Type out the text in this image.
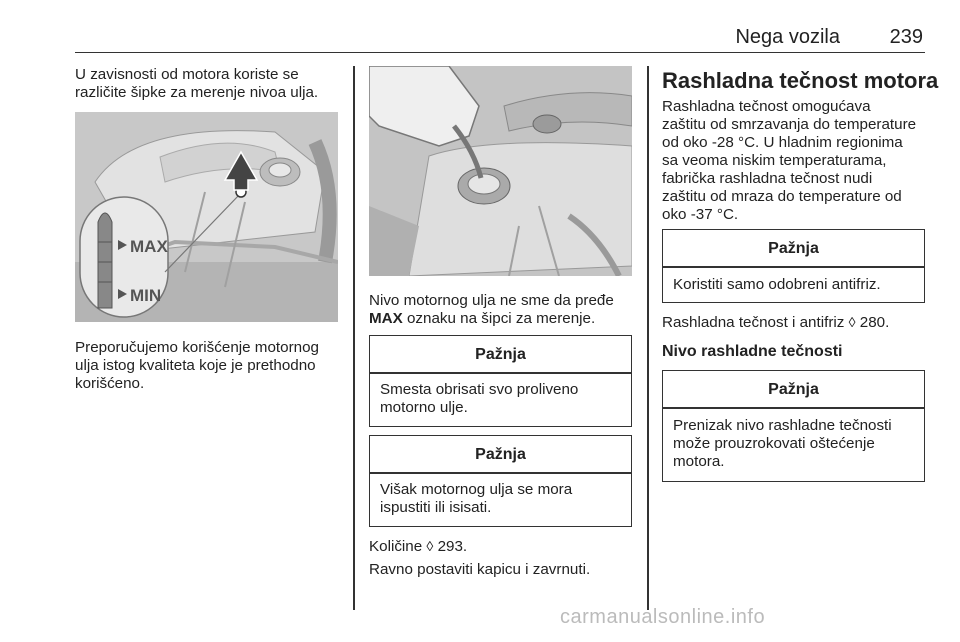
Nega vozila 239

U zavisnosti od motora koriste se

različite šipke za merenje nivoa ulja.

MAX
MIN

Preporučujemo korišćenje motornog

ulja istog kvaliteta koje je prethodno

korišćeno.

Nivo motornog ulja ne sme da pređe

MAX oznaku na šipci za merenje.

Pažnja
Smesta obrisati svo proliveno
motorno ulje.
Pažnja
Višak motornog ulja se mora
ispustiti ili isisati.

Količine ◊ 293.

Ravno postaviti kapicu i zavrnuti.

Rashladna tečnost motora

Rashladna tečnost omogućava

zaštitu od smrzavanja do temperature

od oko -28 °C. U hladnim regionima

sa veoma niskim temperaturama,

fabrička rashladna tečnost nudi

zaštitu od mraza do temperature od

oko -37 °C.

Pažnja
Koristiti samo odobreni antifriz.

Rashladna tečnost i antifriz ◊ 280.

Nivo rashladne tečnosti
Pažnja
Prenizak nivo rashladne tečnosti
može prouzrokovati oštećenje
motora.
carmanualsonline.info
